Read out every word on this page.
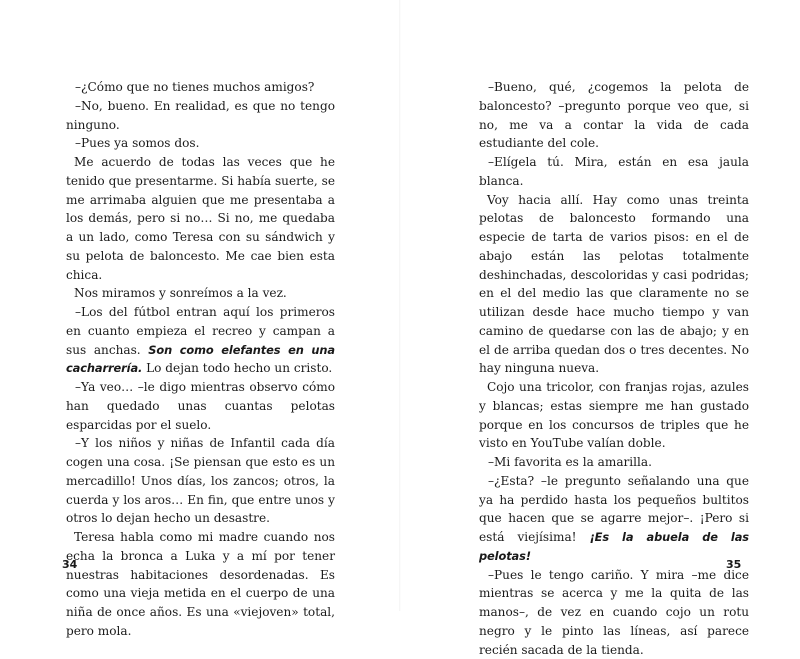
–¿Cómo que no tienes muchos amigos?

–No, bueno. En realidad, es que no tengo ninguno.

–Pues ya somos dos.

Me acuerdo de todas las veces que he tenido que presentarme. Si había suerte, se me arrimaba alguien que me presentaba a los demás, pero si no… Si no, me quedaba a un lado, como Teresa con su sándwich y su pelota de baloncesto. Me cae bien esta chica.

Nos miramos y sonreímos a la vez.

–Los del fútbol entran aquí los primeros en cuanto empieza el recreo y campan a sus anchas. Son como elefantes en una cacharrería. Lo dejan todo hecho un cristo.

–Ya veo… –le digo mientras observo cómo han quedado unas cuantas pelotas esparcidas por el suelo.

–Y los niños y niñas de Infantil cada día cogen una cosa. ¡Se piensan que esto es un mercadillo! Unos días, los zancos; otros, la cuerda y los aros… En fin, que entre unos y otros lo dejan hecho un desastre.

Teresa habla como mi madre cuando nos echa la bronca a Luka y a mí por tener nuestras habitaciones desordenadas. Es como una vieja metida en el cuerpo de una niña de once años. Es una «viejoven» total, pero mola.

34

–Bueno, qué, ¿cogemos la pelota de baloncesto? –pregunto porque veo que, si no, me va a contar la vida de cada estudiante del cole.

–Elígela tú. Mira, están en esa jaula blanca.

Voy hacia allí. Hay como unas treinta pelotas de baloncesto formando una especie de tarta de varios pisos: en el de abajo están las pelotas totalmente deshinchadas, descoloridas y casi podridas; en el del medio las que claramente no se utilizan desde hace mucho tiempo y van camino de quedarse con las de abajo; y en el de arriba quedan dos o tres decentes. No hay ninguna nueva.

Cojo una tricolor, con franjas rojas, azules y blancas; estas siempre me han gustado porque en los concursos de triples que he visto en YouTube valían doble.

–Mi favorita es la amarilla.

–¿Esta? –le pregunto señalando una que ya ha perdido hasta los pequeños bultitos que hacen que se agarre mejor–. ¡Pero si está viejísima! ¡Es la abuela de las pelotas!

–Pues le tengo cariño. Y mira –me dice mientras se acerca y me la quita de las manos–, de vez en cuando cojo un rotu negro y le pinto las líneas, así parece recién sacada de la tienda.

35
